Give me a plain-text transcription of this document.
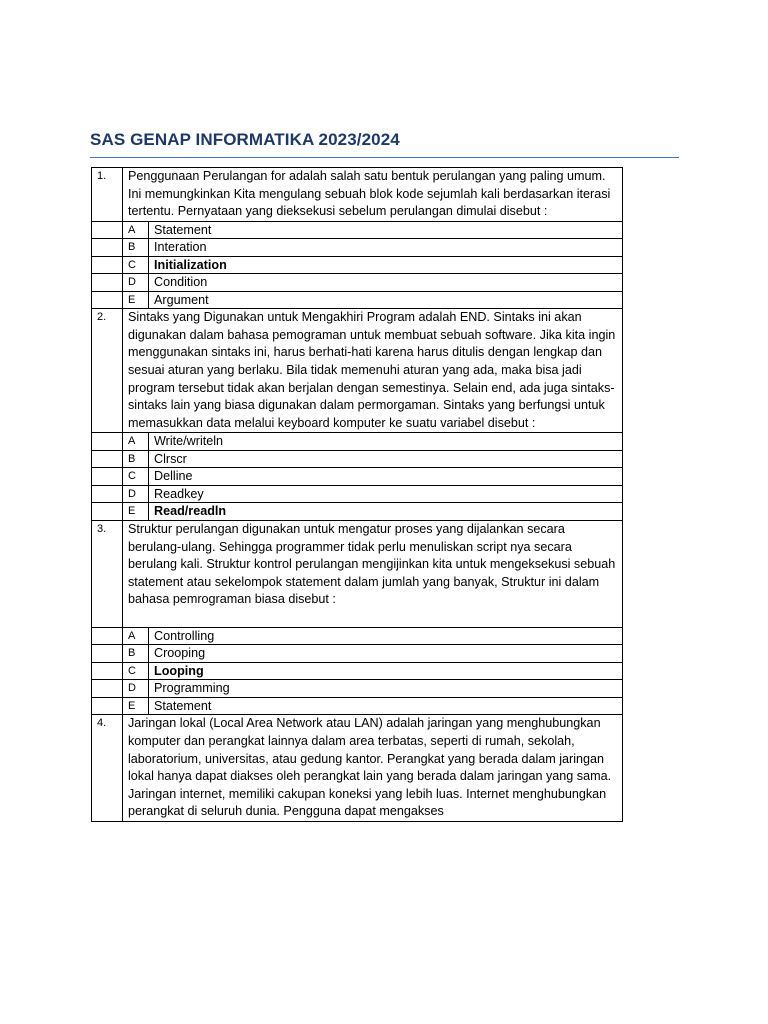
SAS GENAP INFORMATIKA 2023/2024
1.	Penggunaan Perulangan for adalah salah satu bentuk perulangan yang paling umum. Ini memungkinkan Kita mengulang sebuah blok kode sejumlah kali berdasarkan iterasi tertentu. Pernyataan yang dieksekusi sebelum perulangan dimulai disebut :	
	A	Statement
	B	Interation
	C	Initialization
	D	Condition
	E	Argument
2.	Sintaks yang Digunakan untuk Mengakhiri Program adalah END. Sintaks ini akan digunakan dalam bahasa pemograman untuk membuat sebuah software. Jika kita ingin menggunakan sintaks ini, harus berhati-hati karena harus ditulis dengan lengkap dan sesuai aturan yang berlaku. Bila tidak memenuhi aturan yang ada, maka bisa jadi program tersebut tidak akan berjalan dengan semestinya. Selain end, ada juga sintaks-sintaks lain yang biasa digunakan dalam permorgaman. Sintaks yang berfungsi untuk memasukkan data melalui keyboard komputer ke suatu variabel disebut :	
	A	Write/writeln
	B	Clrscr
	C	Delline
	D	Readkey
	E	Read/readln
3.	Struktur perulangan digunakan untuk mengatur proses yang dijalankan secara berulang-ulang. Sehingga programmer tidak perlu menuliskan script nya secara berulang kali. Struktur kontrol perulangan mengijinkan kita untuk mengeksekusi sebuah statement atau sekelompok statement dalam jumlah yang banyak, Struktur ini dalam bahasa pemrograman biasa disebut :	

	A	Controlling
	B	Crooping
	C	Looping
	D	Programming
	E	Statement
4.	Jaringan lokal (Local Area Network atau LAN) adalah jaringan yang menghubungkan komputer dan perangkat lainnya dalam area terbatas, seperti di rumah, sekolah, laboratorium, universitas, atau gedung kantor. Perangkat yang berada dalam jaringan lokal hanya dapat diakses oleh perangkat lain yang berada dalam jaringan yang sama.
Jaringan internet, memiliki cakupan koneksi yang lebih luas. Internet menghubungkan perangkat di seluruh dunia. Pengguna dapat mengakses	
